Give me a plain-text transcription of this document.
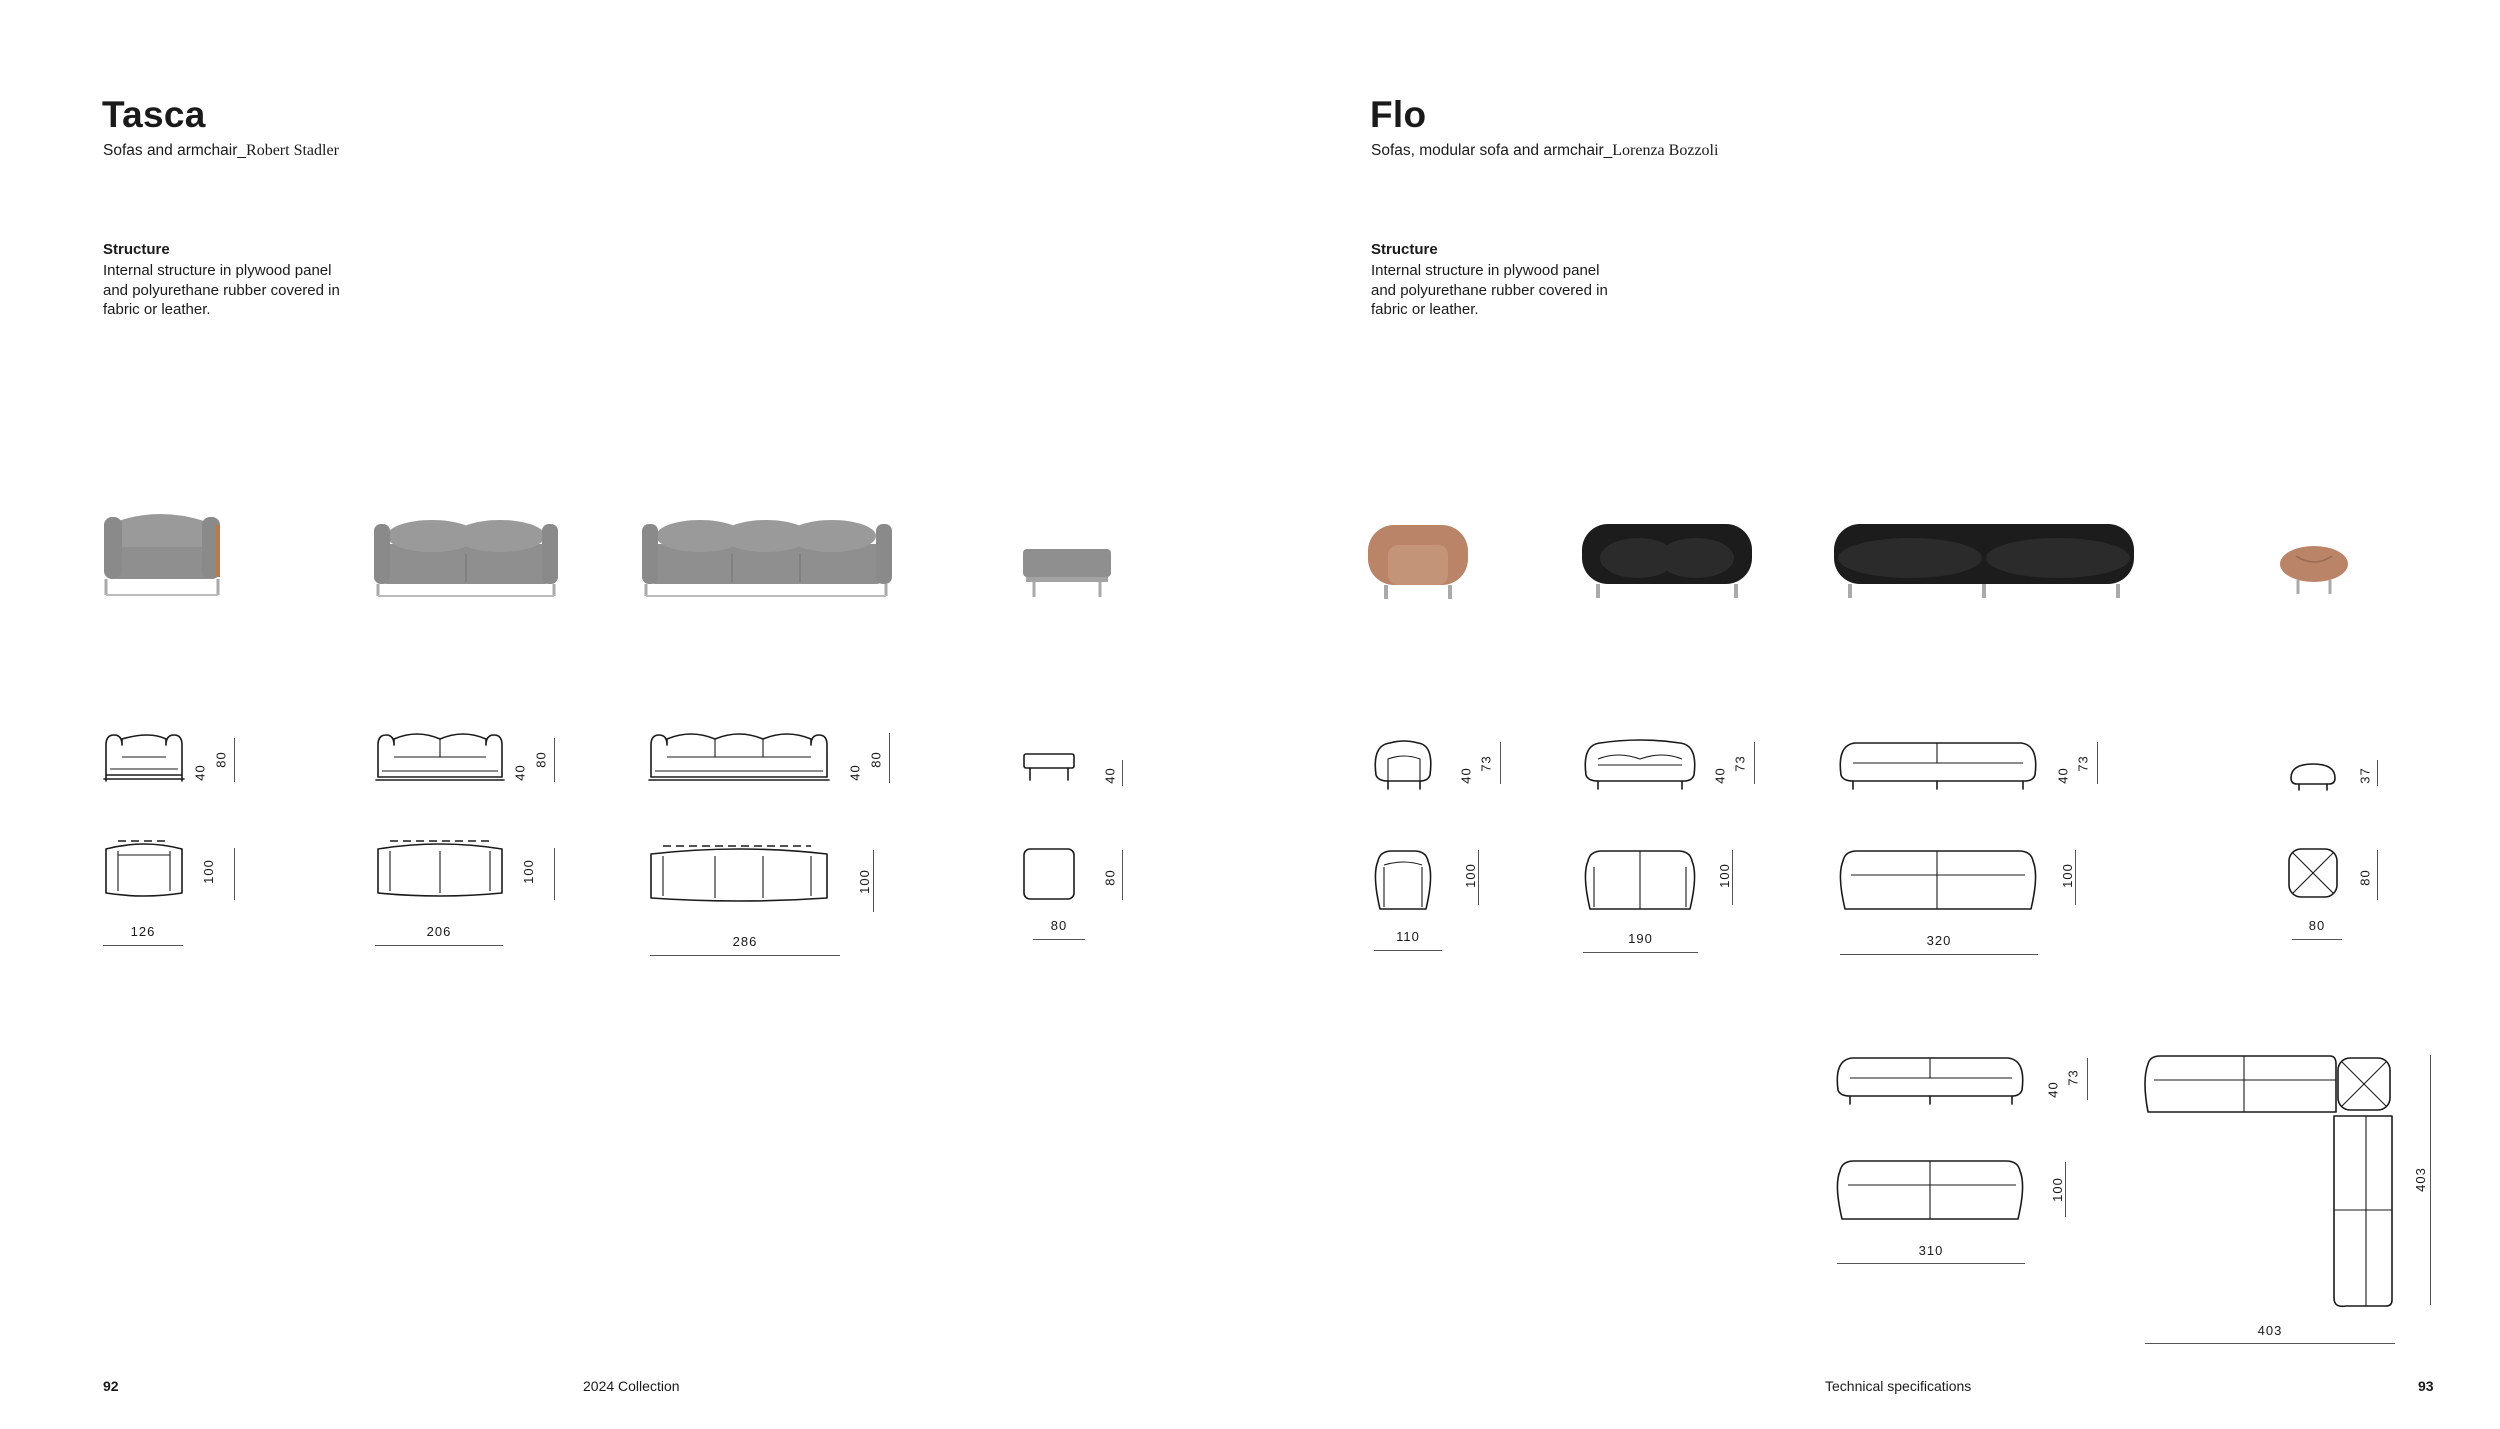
Tasca
Sofas and armchair_Robert Stadler
Structure
Internal structure in plywood panel and polyurethane rubber covered in fabric or leather.
40
80
100
126
40
80
100
206
40
80
100
286
40
80
80
Flo
Sofas, modular sofa and armchair_Lorenza Bozzoli
Structure
Internal structure in plywood panel and polyurethane rubber covered in fabric or leather.
40
73
100
110
40
73
100
190
40
73
100
320
37
80
80
40
73
100
310
403
403
92	2024 Collection	Technical specifications	93
